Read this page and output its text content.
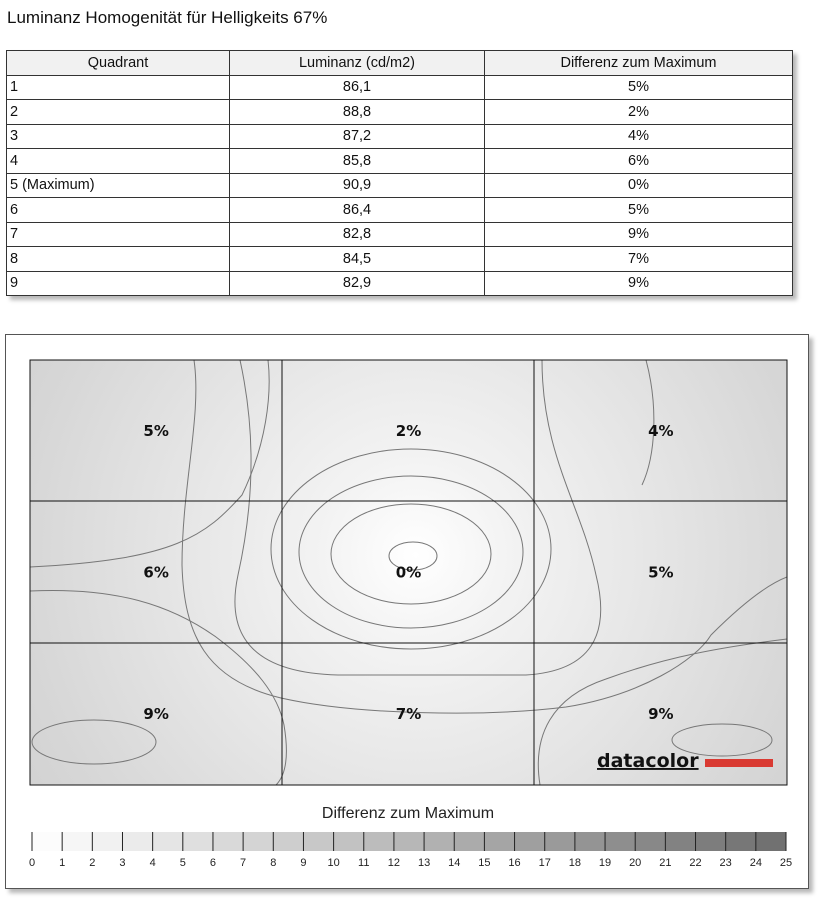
Luminanz Homogenität für Helligkeits 67%
Quadrant	Luminanz (cd/m2)	Differenz zum Maximum
1	86,1	5%
2	88,8	2%
3	87,2	4%
4	85,8	6%
5 (Maximum)	90,9	0%
6	86,4	5%
7	82,8	9%
8	84,5	7%
9	82,9	9%
5%	2%	4%
6%	0%	5%
9%	7%	9%
datacolor
Differenz zum Maximum
0 1 2 3 4 5 6 7 8 9 10 11 12 13 14 15 16 17 18 19 20 21 22 23 24 25
